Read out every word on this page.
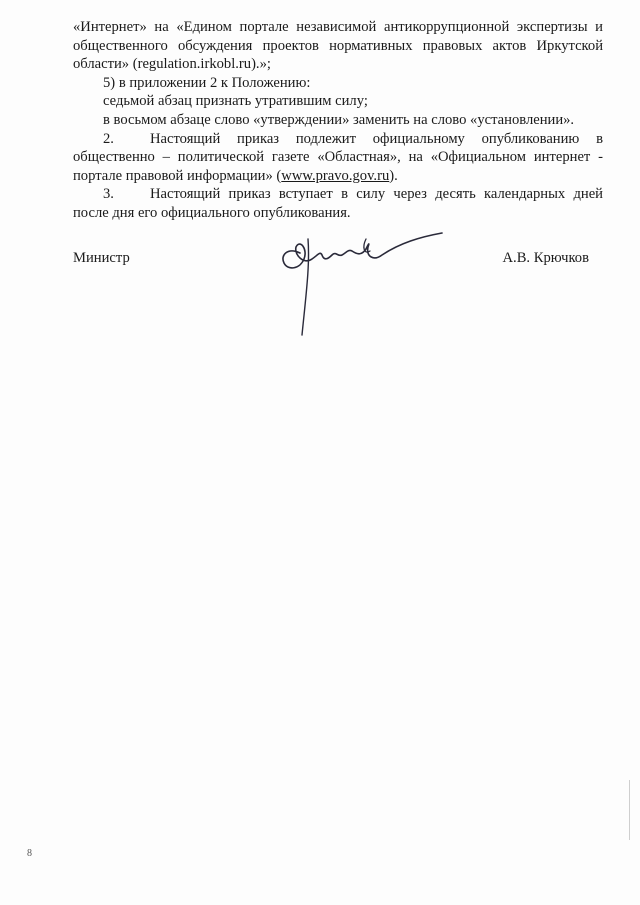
«Интернет» на «Едином портале независимой антикоррупционной экспертизы и общественного обсуждения проектов нормативных правовых актов Иркутской области» (regulation.irkobl.ru).»;

5) в приложении 2 к Положению:

седьмой абзац признать утратившим силу;

в восьмом абзаце слово «утверждении» заменить на слово «установлении».

2. Настоящий приказ подлежит официальному опубликованию в общественно – политической газете «Областная», на «Официальном интернет - портале правовой информации» (www.pravo.gov.ru).

3. Настоящий приказ вступает в силу через десять календарных дней после дня его официального опубликования.

Министр	А.В. Крючков
8
